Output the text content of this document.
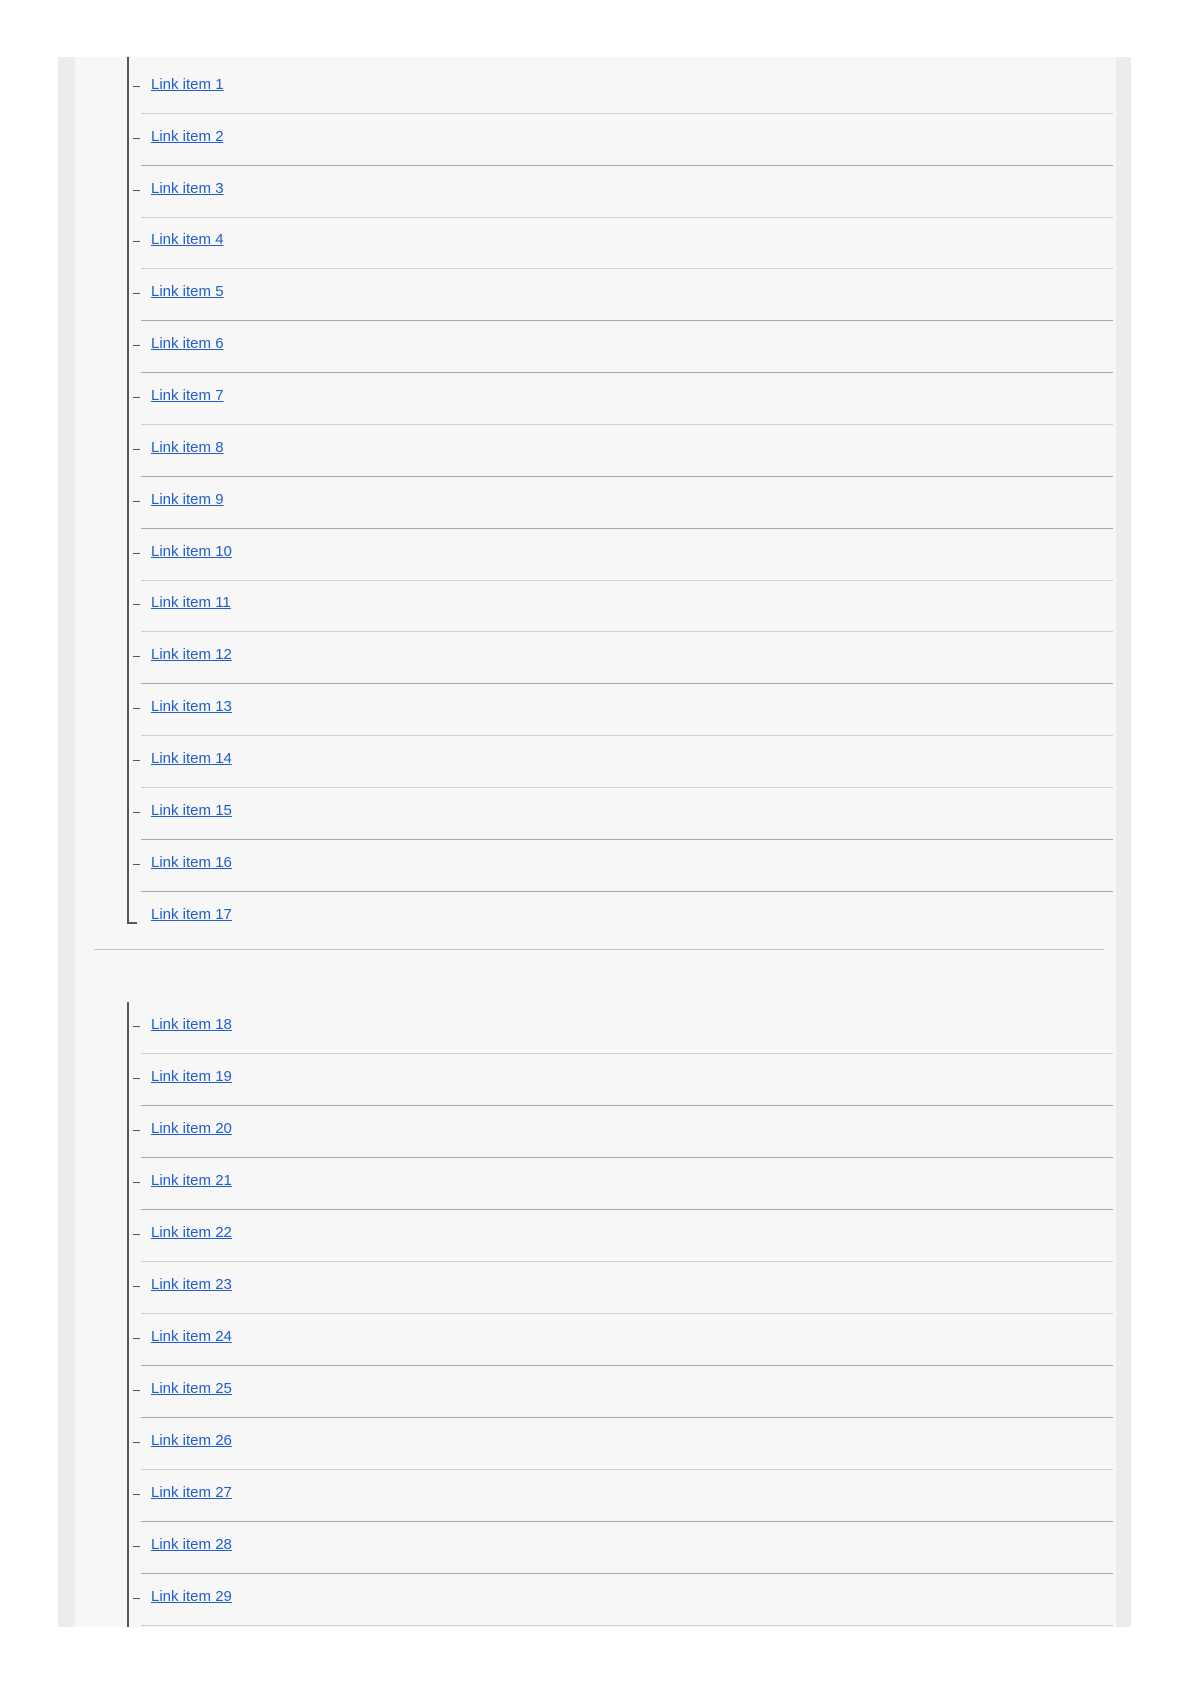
Link item 1
Link item 2
Link item 3
Link item 4
Link item 5
Link item 6
Link item 7
Link item 8
Link item 9
Link item 10
Link item 11
Link item 12
Link item 13
Link item 14
Link item 15
Link item 16
Link item 17
Link item 18
Link item 19
Link item 20
Link item 21
Link item 22
Link item 23
Link item 24
Link item 25
Link item 26
Link item 27
Link item 28
Link item 29
